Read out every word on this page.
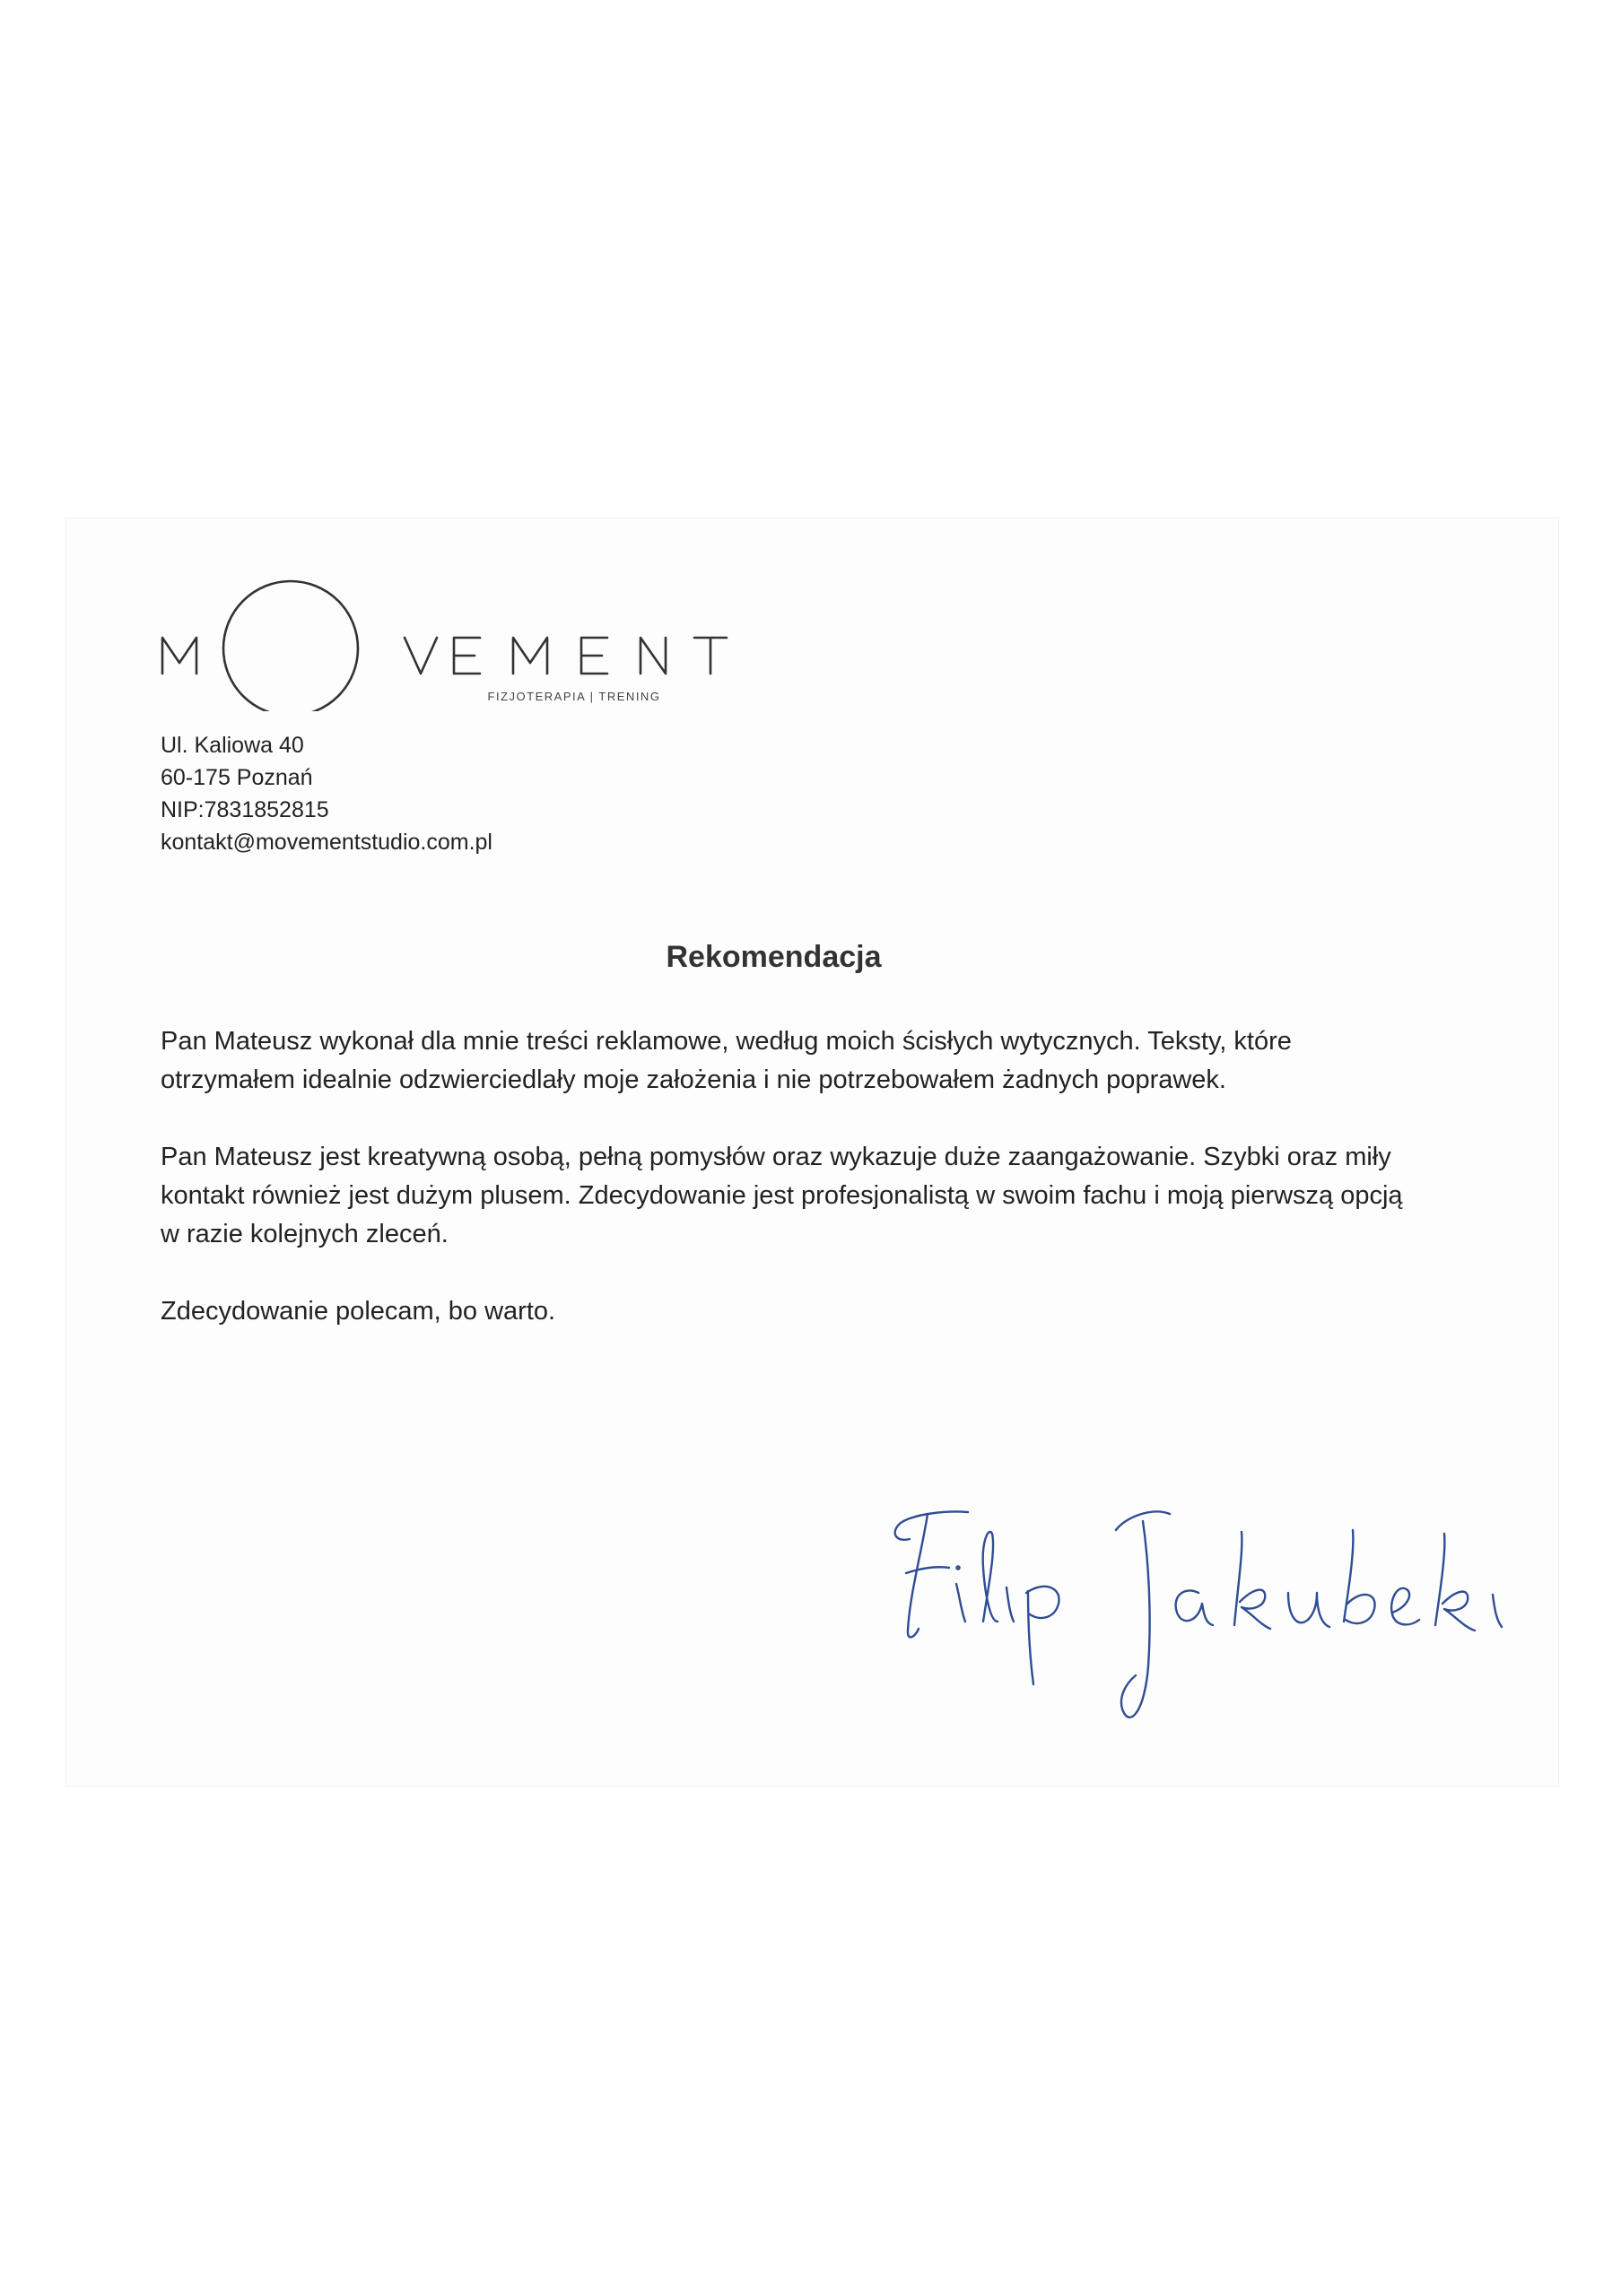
FIZJOTERAPIA | TRENING
Ul. Kaliowa 40
60-175 Poznań
NIP:7831852815
kontakt@movementstudio.com.pl
Rekomendacja

Pan Mateusz wykonał dla mnie treści reklamowe, według moich ścisłych wytycznych. Teksty, które otrzymałem idealnie odzwierciedlały moje założenia i nie potrzebowałem żadnych poprawek.

Pan Mateusz jest kreatywną osobą, pełną pomysłów oraz wykazuje duże zaangażowanie. Szybki oraz miły kontakt również jest dużym plusem. Zdecydowanie jest profesjonalistą w swoim fachu i moją pierwszą opcją w razie kolejnych zleceń.

Zdecydowanie polecam, bo warto.
